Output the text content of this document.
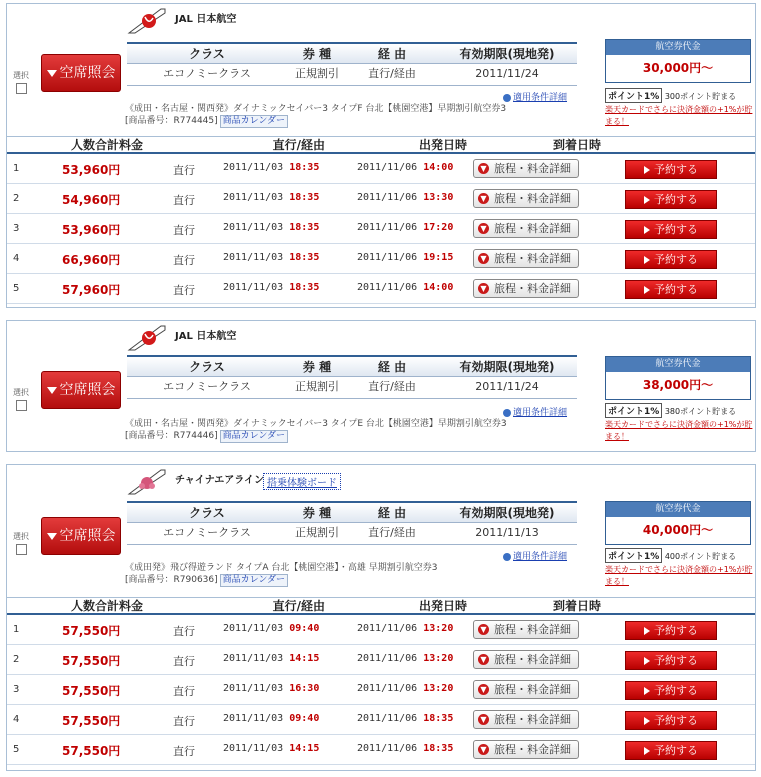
選択	空席照会
JAL 日本航空
クラス	券 種	経 由	有効期限(現地発)
エコノミークラス	正規割引	直行/経由	2011/11/24
適用条件詳細
《成田・名古屋・関西発》ダイナミックセイバー3 タイプF 台北【桃園空港】早期割引航空券3
[商品番号：R774445] 商品カレンダー
航空券代金
30,000円〜
ポイント1% 300ポイント貯まる
楽天カードでさらに決済金額の+1%が貯まる！
人数合計料金	直行/経由	出発日時	到着日時
1	53,960円	直行	2011/11/03 18:35	2011/11/06 14:00	▼ 旅程・料金詳細	予約する
2	54,960円	直行	2011/11/03 18:35	2011/11/06 13:30	▼ 旅程・料金詳細	予約する
3	53,960円	直行	2011/11/03 18:35	2011/11/06 17:20	▼ 旅程・料金詳細	予約する
4	66,960円	直行	2011/11/03 18:35	2011/11/06 19:15	▼ 旅程・料金詳細	予約する
5	57,960円	直行	2011/11/03 18:35	2011/11/06 14:00	▼ 旅程・料金詳細	予約する
選択	空席照会
JAL 日本航空
クラス	券 種	経 由	有効期限(現地発)
エコノミークラス	正規割引	直行/経由	2011/11/24
適用条件詳細
《成田・名古屋・関西発》ダイナミックセイバー3 タイプE 台北【桃園空港】早期割引航空券3
[商品番号：R774446] 商品カレンダー
航空券代金
38,000円〜
ポイント1% 380ポイント貯まる
楽天カードでさらに決済金額の+1%が貯まる！
選択	空席照会
チャイナエアライン 搭乗体験ボード
クラス	券 種	経 由	有効期限(現地発)
エコノミークラス	正規割引	直行/経由	2011/11/13
適用条件詳細
《成田発》飛び得遊ランド タイプA 台北【桃園空港】・高雄 早期割引航空券3
[商品番号：R790636] 商品カレンダー
航空券代金
40,000円〜
ポイント1% 400ポイント貯まる
楽天カードでさらに決済金額の+1%が貯まる！
人数合計料金	直行/経由	出発日時	到着日時
1	57,550円	直行	2011/11/03 09:40	2011/11/06 13:20	▼ 旅程・料金詳細	予約する
2	57,550円	直行	2011/11/03 14:15	2011/11/06 13:20	▼ 旅程・料金詳細	予約する
3	57,550円	直行	2011/11/03 16:30	2011/11/06 13:20	▼ 旅程・料金詳細	予約する
4	57,550円	直行	2011/11/03 09:40	2011/11/06 18:35	▼ 旅程・料金詳細	予約する
5	57,550円	直行	2011/11/03 14:15	2011/11/06 18:35	▼ 旅程・料金詳細	予約する
